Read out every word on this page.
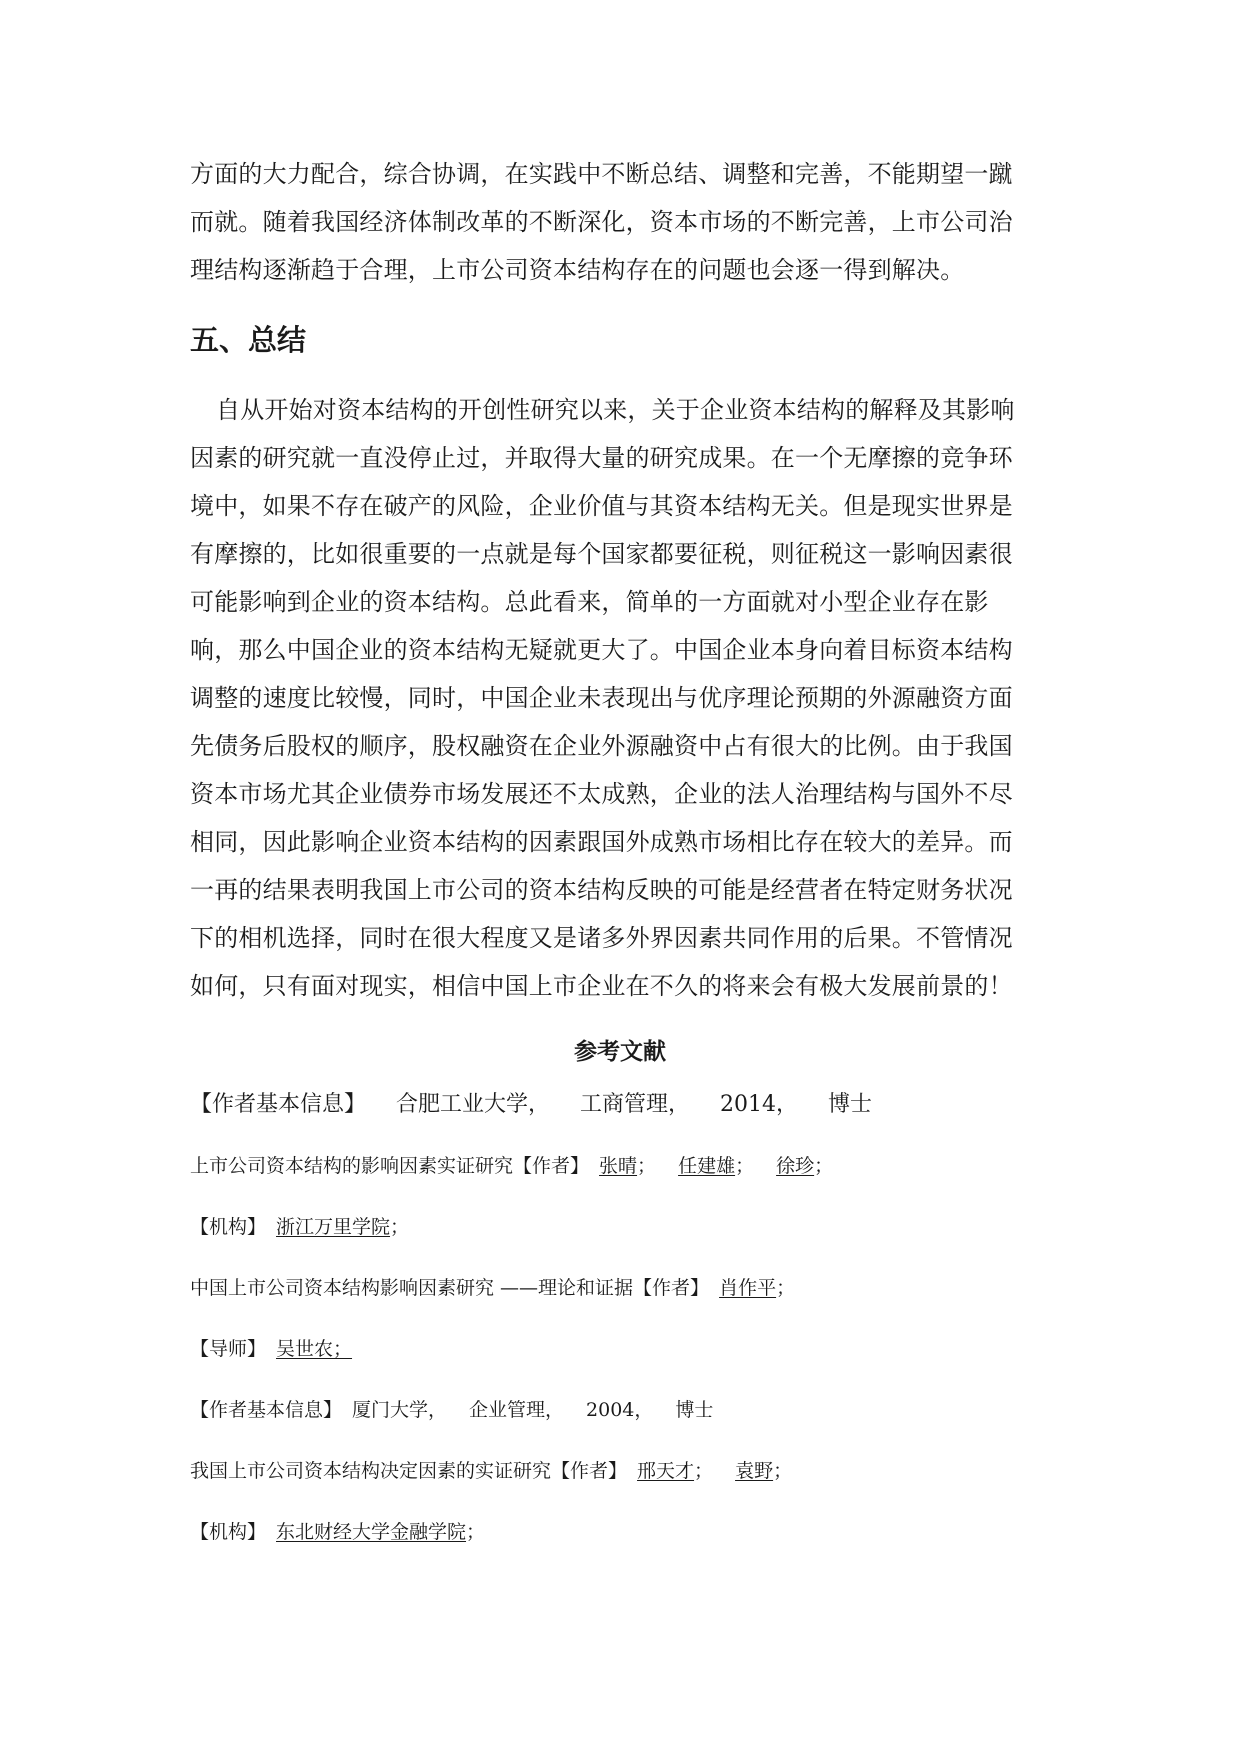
方面的大力配合，综合协调，在实践中不断总结、调整和完善，不能期望一蹴
而就。随着我国经济体制改革的不断深化，资本市场的不断完善，上市公司治
理结构逐渐趋于合理，上市公司资本结构存在的问题也会逐一得到解决。
五、总结
自从开始对资本结构的开创性研究以来，关于企业资本结构的解释及其影响
因素的研究就一直没停止过，并取得大量的研究成果。在一个无摩擦的竞争环
境中，如果不存在破产的风险，企业价值与其资本结构无关。但是现实世界是
有摩擦的，比如很重要的一点就是每个国家都要征税，则征税这一影响因素很
可能影响到企业的资本结构。总此看来，简单的一方面就对小型企业存在影
响，那么中国企业的资本结构无疑就更大了。中国企业本身向着目标资本结构
调整的速度比较慢，同时，中国企业未表现出与优序理论预期的外源融资方面
先债务后股权的顺序，股权融资在企业外源融资中占有很大的比例。由于我国
资本市场尤其企业债券市场发展还不太成熟，企业的法人治理结构与国外不尽
相同，因此影响企业资本结构的因素跟国外成熟市场相比存在较大的差异。而
一再的结果表明我国上市公司的资本结构反映的可能是经营者在特定财务状况
下的相机选择，同时在很大程度又是诸多外界因素共同作用的后果。不管情况
如何，只有面对现实，相信中国上市企业在不久的将来会有极大发展前景的！
参考文献
【作者基本信息】 合肥工业大学， 工商管理， 2014， 博士
上市公司资本结构的影响因素实证研究【作者】 张晴； 任建雄； 徐珍；
【机构】 浙江万里学院；
中国上市公司资本结构影响因素研究 ——理论和证据【作者】 肖作平；
【导师】 吴世农；
【作者基本信息】 厦门大学， 企业管理， 2004， 博士
我国上市公司资本结构决定因素的实证研究【作者】 邢天才； 袁野；
【机构】 东北财经大学金融学院；
